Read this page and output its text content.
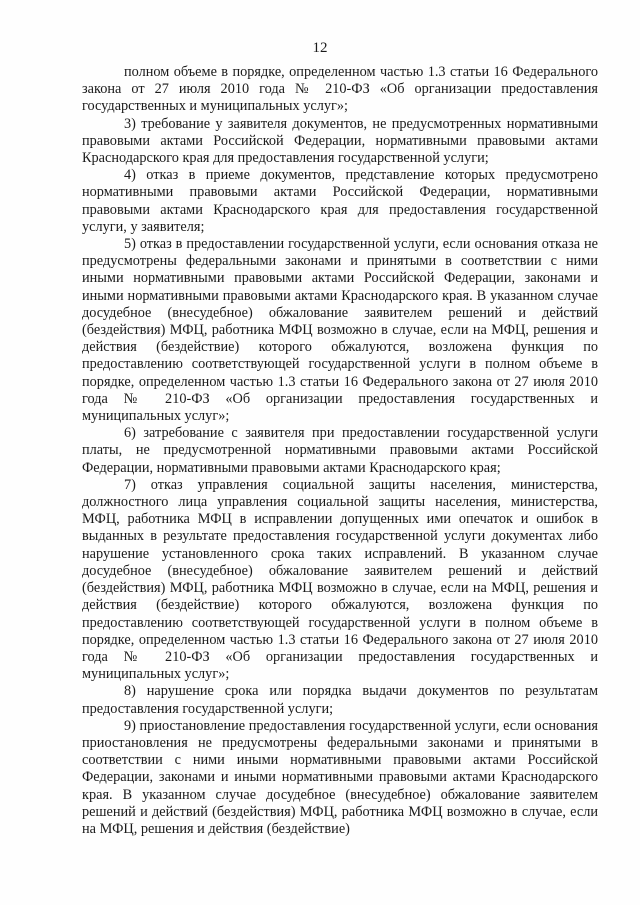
12

полном объеме в порядке, определенном частью 1.3 статьи 16 Федерального закона от 27 июля 2010 года № 210-ФЗ «Об организации предоставления государственных и муниципальных услуг»;

3) требование у заявителя документов, не предусмотренных нормативными правовыми актами Российской Федерации, нормативными правовыми актами Краснодарского края для предоставления государственной услуги;

4) отказ в приеме документов, представление которых предусмотрено нормативными правовыми актами Российской Федерации, нормативными правовыми актами Краснодарского края для предоставления государственной услуги, у заявителя;

5) отказ в предоставлении государственной услуги, если основания отказа не предусмотрены федеральными законами и принятыми в соответствии с ними иными нормативными правовыми актами Российской Федерации, законами и иными нормативными правовыми актами Краснодарского края. В указанном случае досудебное (внесудебное) обжалование заявителем решений и действий (бездействия) МФЦ, работника МФЦ возможно в случае, если на МФЦ, решения и действия (бездействие) которого обжалуются, возложена функция по предоставлению соответствующей государственной услуги в полном объеме в порядке, определенном частью 1.3 статьи 16 Федерального закона от 27 июля 2010 года № 210-ФЗ «Об организации предоставления государственных и муниципальных услуг»;

6) затребование с заявителя при предоставлении государственной услуги платы, не предусмотренной нормативными правовыми актами Российской Федерации, нормативными правовыми актами Краснодарского края;

7) отказ управления социальной защиты населения, министерства, должностного лица управления социальной защиты населения, министерства, МФЦ, работника МФЦ в исправлении допущенных ими опечаток и ошибок в выданных в результате предоставления государственной услуги документах либо нарушение установленного срока таких исправлений. В указанном случае досудебное (внесудебное) обжалование заявителем решений и действий (бездействия) МФЦ, работника МФЦ возможно в случае, если на МФЦ, решения и действия (бездействие) которого обжалуются, возложена функция по предоставлению соответствующей государственной услуги в полном объеме в порядке, определенном частью 1.3 статьи 16 Федерального закона от 27 июля 2010 года № 210-ФЗ «Об организации предоставления государственных и муниципальных услуг»;

8) нарушение срока или порядка выдачи документов по результатам предоставления государственной услуги;

9) приостановление предоставления государственной услуги, если основания приостановления не предусмотрены федеральными законами и принятыми в соответствии с ними иными нормативными правовыми актами Российской Федерации, законами и иными нормативными правовыми актами Краснодарского края. В указанном случае досудебное (внесудебное) обжалование заявителем решений и действий (бездействия) МФЦ, работника МФЦ возможно в случае, если на МФЦ, решения и действия (бездействие)
